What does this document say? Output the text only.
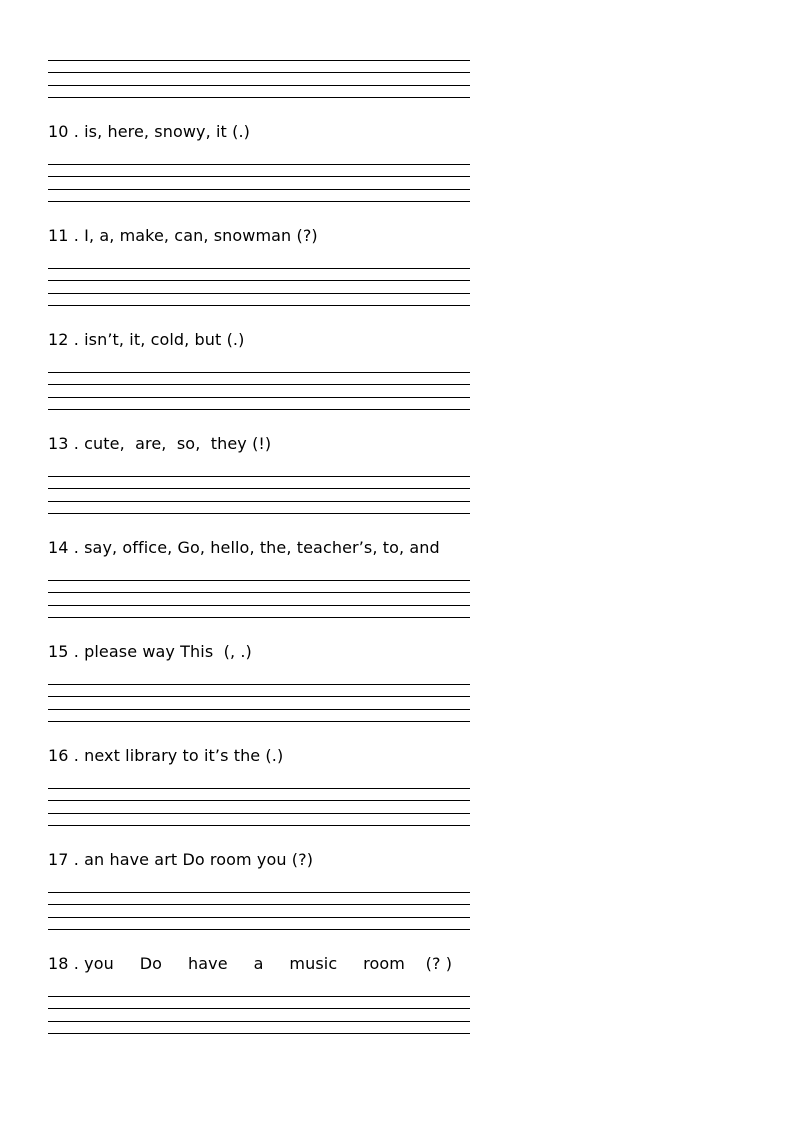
10 . is, here, snowy, it (.)
11 . I, a, make, can, snowman (?)
12 . isn’t, it, cold, but (.)
13 . cute,  are,  so,  they (!)
14 . say, office, Go, hello, the, teacher’s, to, and
15 . please way This  (, .)
16 . next library to it’s the (.)
17 . an have art Do room you (?)
18 . you     Do     have     a     music     room    (? )
